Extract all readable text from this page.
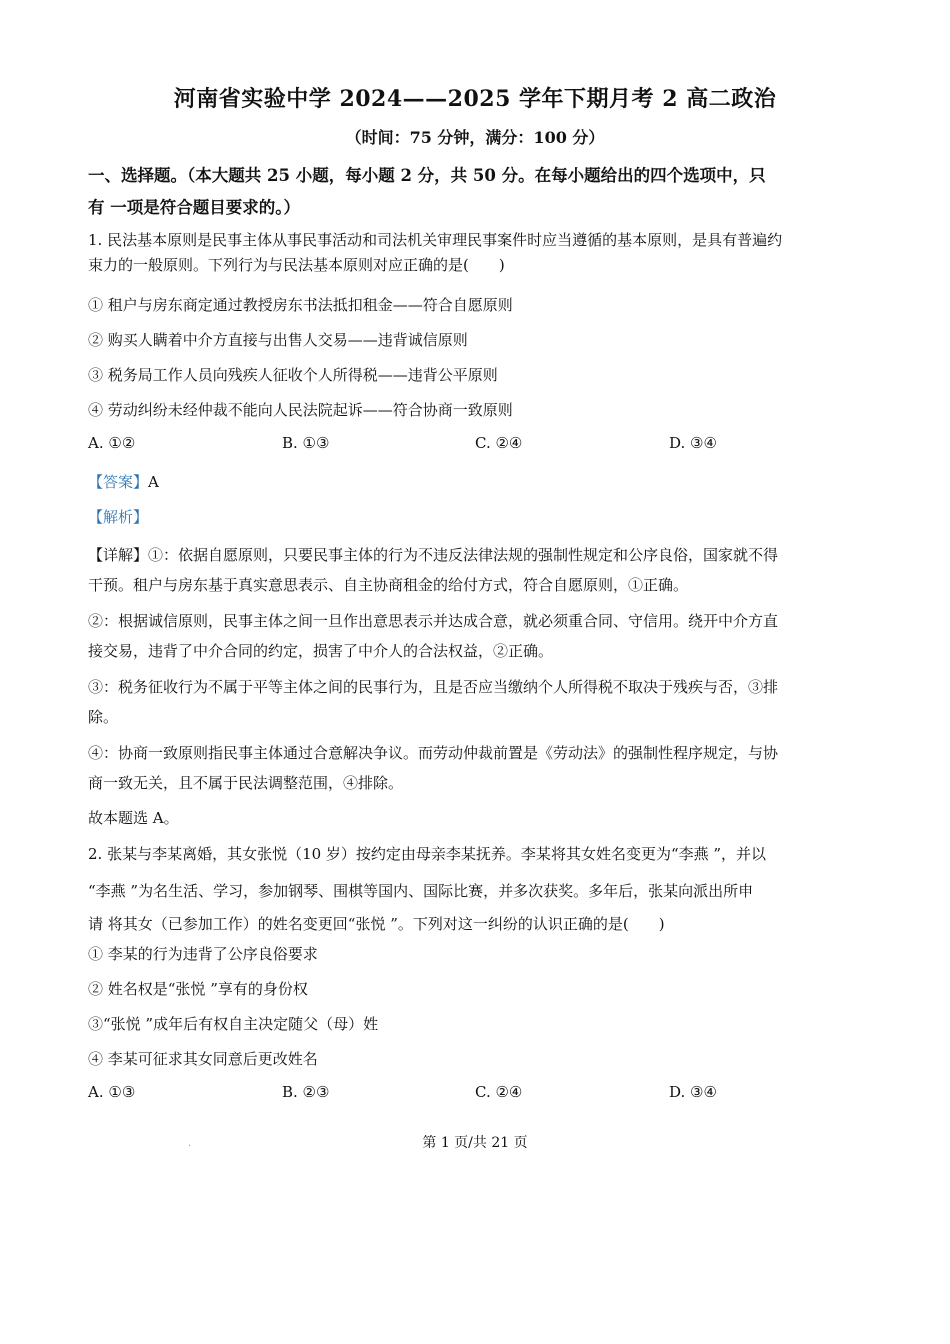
河南省实验中学 2024——2025 学年下期月考 2 高二政治
（时间：75 分钟，满分：100 分）
一、选择题。（本大题共 25 小题，每小题 2 分，共 50 分。在每小题给出的四个选项中，只
有 一项是符合题目要求的。）
1. 民法基本原则是民事主体从事民事活动和司法机关审理民事案件时应当遵循的基本原则，是具有普遍约
束力的一般原则。下列行为与民法基本原则对应正确的是(　　)
① 租户与房东商定通过教授房东书法抵扣租金——符合自愿原则
② 购买人瞒着中介方直接与出售人交易——违背诚信原则
③ 税务局工作人员向残疾人征收个人所得税——违背公平原则
④ 劳动纠纷未经仲裁不能向人民法院起诉——符合协商一致原则
A. ①②	B. ①③	C. ②④	D. ③④
【答案】A
【解析】
【详解】①：依据自愿原则，只要民事主体的行为不违反法律法规的强制性规定和公序良俗，国家就不得
干预。租户与房东基于真实意思表示、自主协商租金的给付方式，符合自愿原则，①正确。
②：根据诚信原则，民事主体之间一旦作出意思表示并达成合意，就必须重合同、守信用。绕开中介方直
接交易，违背了中介合同的约定，损害了中介人的合法权益，②正确。
③：税务征收行为不属于平等主体之间的民事行为，且是否应当缴纳个人所得税不取决于残疾与否，③排
除。
④：协商一致原则指民事主体通过合意解决争议。而劳动仲裁前置是《劳动法》的强制性程序规定，与协
商一致无关，且不属于民法调整范围，④排除。
故本题选 A。
2. 张某与李某离婚，其女张悦（10 岁）按约定由母亲李某抚养。李某将其女姓名变更为“李燕 ”，并以
“李燕 ”为名生活、学习，参加钢琴、围棋等国内、国际比赛，并多次获奖。多年后，张某向派出所申
请 将其女（已参加工作）的姓名变更回“张悦 ”。下列对这一纠纷的认识正确的是(　　)
① 李某的行为违背了公序良俗要求
② 姓名权是“张悦 ”享有的身份权
③“张悦 ”成年后有权自主决定随父（母）姓
④ 李某可征求其女同意后更改姓名
A. ①③	B. ②③	C. ②④	D. ③④
.	第 1 页/共 21 页
